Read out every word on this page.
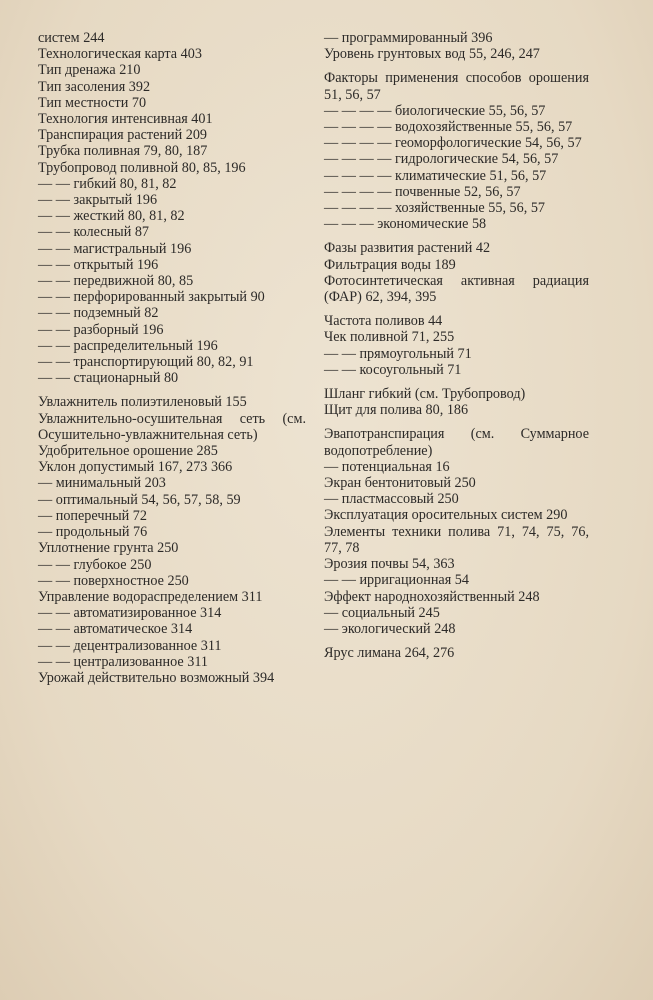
систем 244

Технологическая карта 403

Тип дренажа 210

Тип засоления 392

Тип местности 70

Технология интенсивная 401

Транспирация растений 209

Трубка поливная 79, 80, 187

Трубопровод поливной 80, 85, 196

— — гибкий 80, 81, 82

— — закрытый 196

— — жесткий 80, 81, 82

— — колесный 87

— — магистральный 196

— — открытый 196

— — передвижной 80, 85

— — перфорированный закрытый 90

— — подземный 82

— — разборный 196

— — распределительный 196

— — транспортирующий 80, 82, 91

— — стационарный 80

Увлажнитель полиэтиленовый 155

Увлажнительно-осушительная сеть (см. Осушительно-увлажнительная сеть)

Удобрительное орошение 285

Уклон допустимый 167, 273 366

— минимальный 203

— оптимальный 54, 56, 57, 58, 59

— поперечный 72

— продольный 76

Уплотнение грунта 250

— — глубокое 250

— — поверхностное 250

Управление водораспределением 311

— — автоматизированное 314

— — автоматическое 314

— — децентрализованное 311

— — централизованное 311

Урожай действительно возможный 394

— программированный 396

Уровень грунтовых вод 55, 246, 247

Факторы применения способов орошения 51, 56, 57

— — — — биологические 55, 56, 57

— — — — водохозяйственные 55, 56, 57

— — — — геоморфологические 54, 56, 57

— — — — гидрологические 54, 56, 57

— — — — климатические 51, 56, 57

— — — — почвенные 52, 56, 57

— — — — хозяйственные 55, 56, 57

— — — экономические 58

Фазы развития растений 42

Фильтрация воды 189

Фотосинтетическая активная радиация (ФАР) 62, 394, 395

Частота поливов 44

Чек поливной 71, 255

— — прямоугольный 71

— — косоугольный 71

Шланг гибкий (см. Трубопровод)

Щит для полива 80, 186

Эвапотранспирация (см. Суммарное водопотребление)

— потенциальная 16

Экран бентонитовый 250

— пластмассовый 250

Эксплуатация оросительных систем 290

Элементы техники полива 71, 74, 75, 76, 77, 78

Эрозия почвы 54, 363

— — ирригационная 54

Эффект народнохозяйственный 248

— социальный 245

— экологический 248

Ярус лимана 264, 276
